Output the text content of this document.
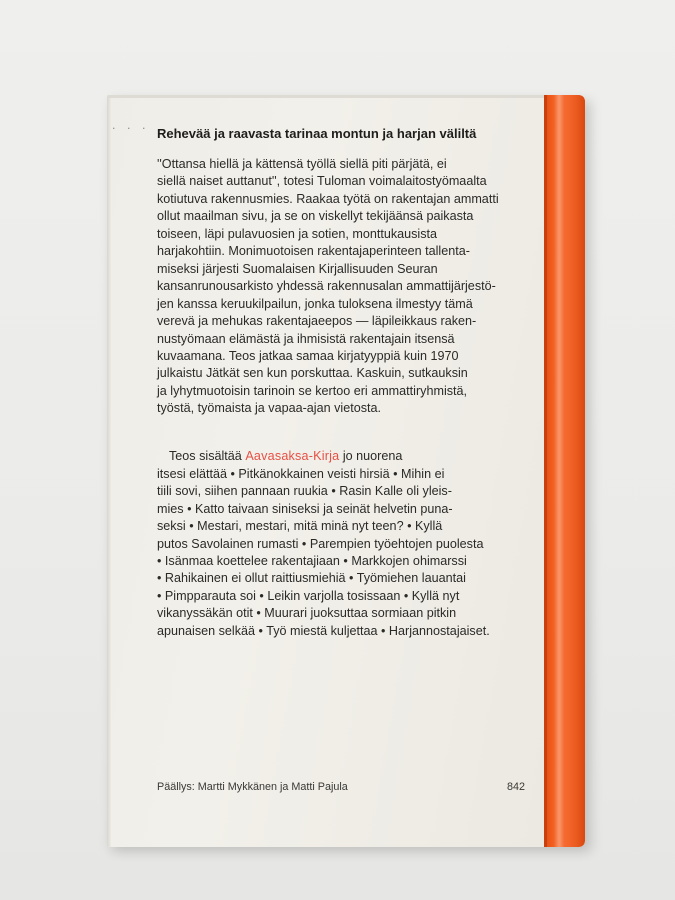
· · · Rehevää ja raavasta tarinaa montun ja harjan väliltä

''Ottansa hiellä ja kättensä työllä siellä piti pärjätä, ei
siellä naiset auttanut'', totesi Tuloman voimalaitostyömaalta
kotiutuva rakennusmies. Raakaa työtä on rakentajan ammatti
ollut maailman sivu, ja se on viskellyt tekijäänsä paikasta
toiseen, läpi pulavuosien ja sotien, monttukausista
harjakohtiin. Monimuotoisen rakentajaperinteen tallenta-
miseksi järjesti Suomalaisen Kirjallisuuden Seuran
kansanrunousarkisto yhdessä rakennusalan ammattijärjestö-
jen kanssa keruukilpailun, jonka tuloksena ilmestyy tämä
verevä ja mehukas rakentajaeepos — läpileikkaus raken-
nustyömaan elämästä ja ihmisistä rakentajain itsensä
kuvaamana. Teos jatkaa samaa kirjatyyppiä kuin 1970
julkaistu Jätkät sen kun porskuttaa. Kaskuin, sutkauksin
ja lyhytmuotoisin tarinoin se kertoo eri ammattiryhmistä,
työstä, työmaista ja vapaa-ajan vietosta.

Teos sisältää Aavasaksa-Kirja jo nuorena
itsesi elättää • Pitkänokkainen veisti hirsiä • Mihin ei
tiili sovi, siihen pannaan ruukia • Rasin Kalle oli yleis-
mies • Katto taivaan siniseksi ja seinät helvetin puna-
seksi • Mestari, mestari, mitä minä nyt teen? • Kyllä
putos Savolainen rumasti • Parempien työehtojen puolesta
• Isänmaa koettelee rakentajiaan • Markkojen ohimarssi
• Rahikainen ei ollut raittiusmiehiä • Työmiehen lauantai
• Pimpparauta soi • Leikin varjolla tosissaan • Kyllä nyt
vikanyssäkän otit • Muurari juoksuttaa sormiaan pitkin
apunaisen selkää • Työ miestä kuljettaa • Harjannostajaiset.

Päällys: Martti Mykkänen ja Matti Pajula	842
